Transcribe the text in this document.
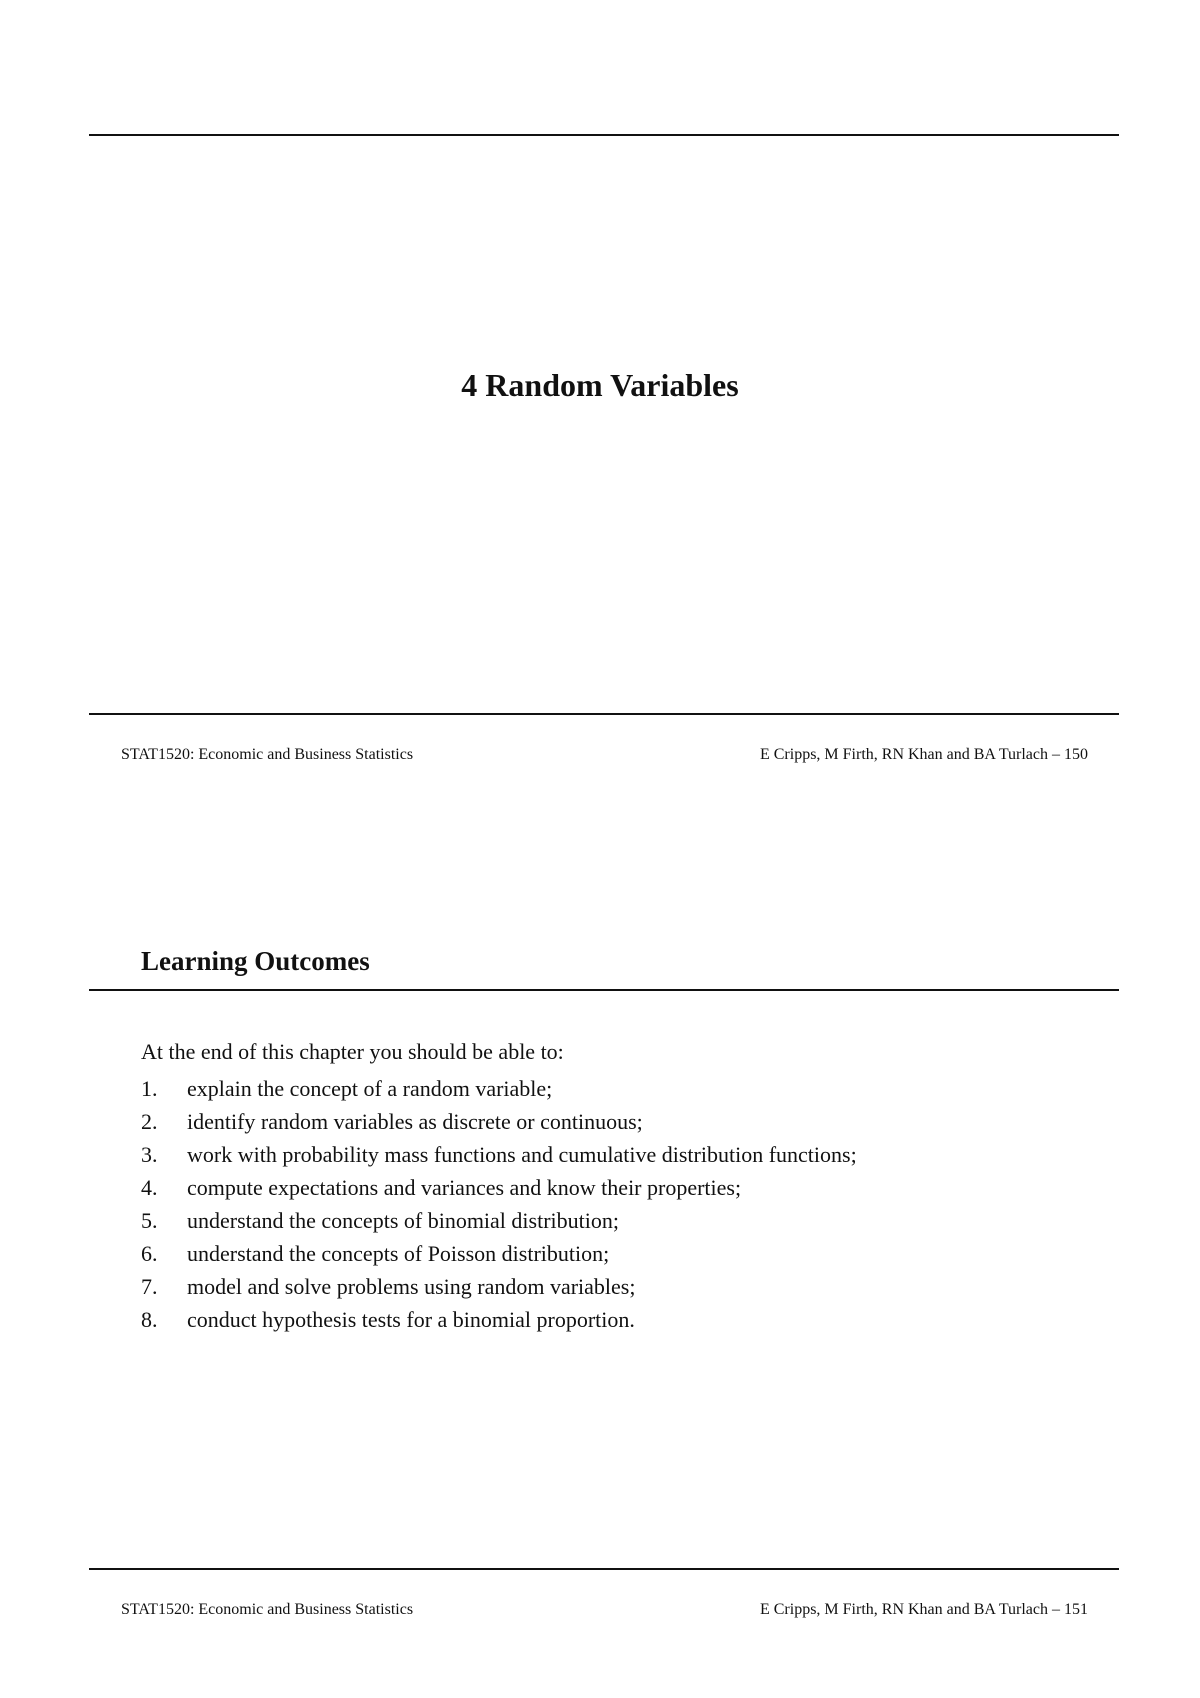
4 Random Variables
STAT1520: Economic and Business Statistics	E Cripps, M Firth, RN Khan and BA Turlach – 150
Learning Outcomes
At the end of this chapter you should be able to:
1.	explain the concept of a random variable;
2.	identify random variables as discrete or continuous;
3.	work with probability mass functions and cumulative distribution functions;
4.	compute expectations and variances and know their properties;
5.	understand the concepts of binomial distribution;
6.	understand the concepts of Poisson distribution;
7.	model and solve problems using random variables;
8.	conduct hypothesis tests for a binomial proportion.
STAT1520: Economic and Business Statistics	E Cripps, M Firth, RN Khan and BA Turlach – 151
